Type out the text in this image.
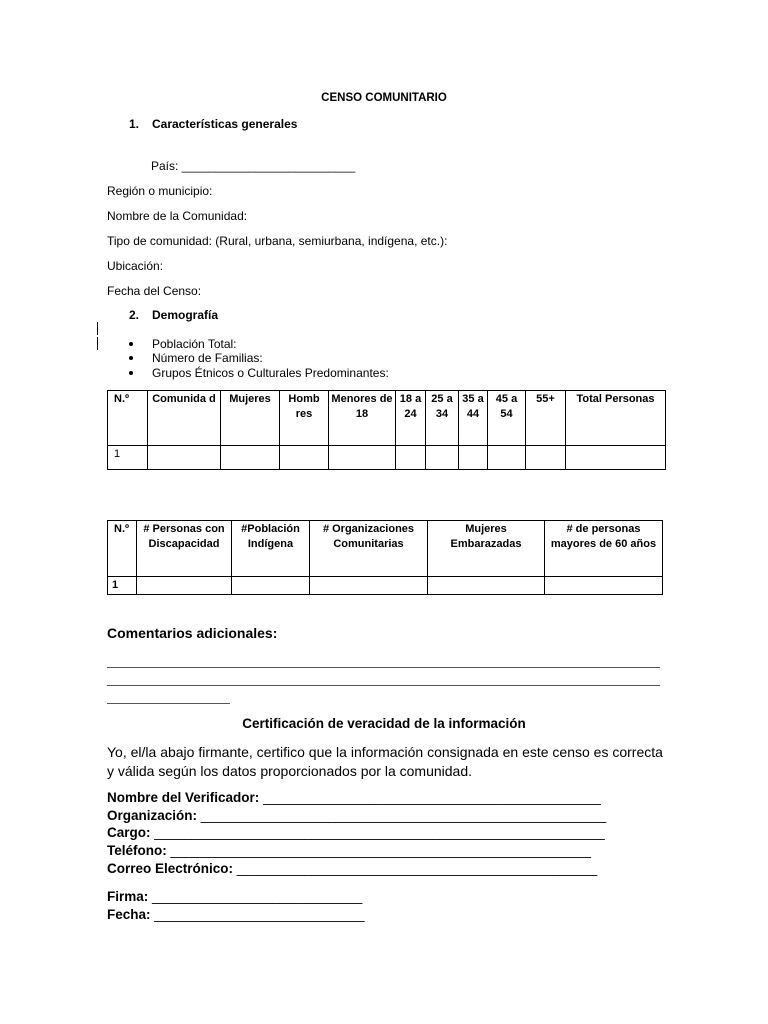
CENSO COMUNITARIO
1. Características generales
País: __________________________
Región o municipio:
Nombre de la Comunidad:
Tipo de comunidad: (Rural, urbana, semiurbana, indígena, etc.):
Ubicación:
Fecha del Censo:
2. Demografía
Población Total:
Número de Familias:
Grupos Étnicos o Culturales Predominantes:
N.º	Comunida d	Mujeres	Homb res	Menores de 18	18 a 24	25 a 34	35 a 44	45 a 54	55+	Total Personas
1										
N.º	# Personas con Discapacidad	#Población Indígena	# Organizaciones Comunitarias	Mujeres Embarazadas	# de personas mayores de 60 años
1					
Comentarios adicionales:
Certificación de veracidad de la información
Yo, el/la abajo firmante, certifico que la información consignada en este censo es correcta
y válida según los datos proporcionados por la comunidad.
Nombre del Verificador: _____________________________________________
Organización: ______________________________________________________
Cargo: ____________________________________________________________
Teléfono: ________________________________________________________
Correo Electrónico: ________________________________________________
Firma: ____________________________
Fecha: ____________________________
